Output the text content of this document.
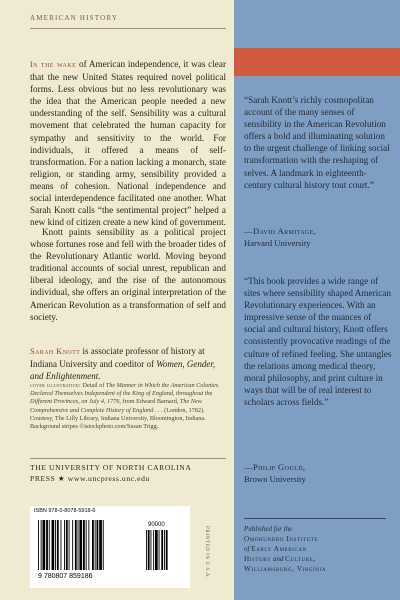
AMERICAN HISTORY

In the wake of American independence, it was clear that the new United States required novel political forms. Less obvious but no less revolutionary was the idea that the American people needed a new understanding of the self. Sensibility was a cultural movement that celebrated the human capacity for sympathy and sensitivity to the world. For individuals, it offered a means of self-transformation. For a nation lacking a monarch, state religion, or standing army, sensibility provided a means of cohesion. National independence and social interdependence facilitated one another. What Sarah Knott calls “the sentimental project” helped a new kind of citizen create a new kind of government.

Knott paints sensibility as a political project whose fortunes rose and fell with the broader tides of the Revolutionary Atlantic world. Moving beyond traditional accounts of social unrest, republican and liberal ideology, and the rise of the autonomous individual, she offers an original interpretation of the American Revolution as a transformation of self and society.

Sarah Knott is associate professor of history at Indiana University and coeditor of Women, Gender, and Enlightenment.

cover illustration: Detail of The Manner in Which the American Colonies Declared Themselves Independent of the King of England, throughout the Different Provinces, on July 4, 1776, from Edward Barnard, The New Comprehensive and Complete History of England . . . (London, 1782). Courtesy, The Lilly Library, Indiana University, Bloomington, Indiana. Background stripes ©istockphoto.com/Susan Trigg.

THE UNIVERSITY OF NORTH CAROLINA
PRESS ★ www.uncpress.unc.edu
ISBN 978-0-8078-5918-6
9 780807 859186
90000
PRINTED IN U.S.A.

“Sarah Knott’s richly cosmopolitan account of the many senses of sensibility in the American Revolution offers a bold and illuminating solution to the urgent challenge of linking social transformation with the reshaping of selves. A landmark in eighteenth-century cultural history tout court.”

—David Armitage,
Harvard University

“This book provides a wide range of sites where sensibility shaped American Revolutionary experiences. With an impressive sense of the nuances of social and cultural history, Knott offers consistently provocative readings of the culture of refined feeling. She untangles the relations among medical theory, moral philosophy, and print culture in ways that will be of real interest to scholars across fields.”

—Philip Gould,
Brown University

Published for the
Omohundro Institute
of Early American
History and Culture,
Williamsburg, Virginia
